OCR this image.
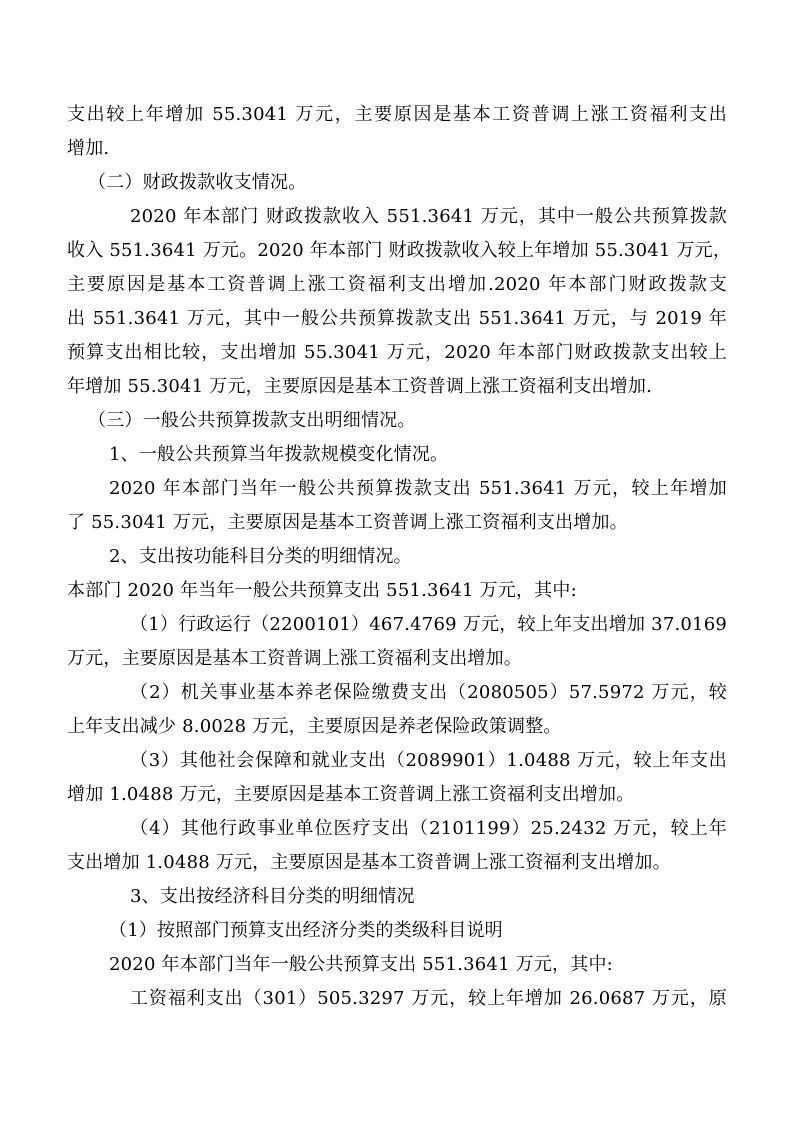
支出较上年增加 55.3041 万元，主要原因是基本工资普调上涨工资福利支出
增加.
（二）财政拨款收支情况。
2020 年本部门 财政拨款收入 551.3641 万元，其中一般公共预算拨款
收入 551.3641 万元。2020 年本部门 财政拨款收入较上年增加 55.3041 万元，
主要原因是基本工资普调上涨工资福利支出增加.2020 年本部门财政拨款支
出 551.3641 万元，其中一般公共预算拨款支出 551.3641 万元，与 2019 年
预算支出相比较，支出增加 55.3041 万元，2020 年本部门财政拨款支出较上
年增加 55.3041 万元，主要原因是基本工资普调上涨工资福利支出增加.
（三）一般公共预算拨款支出明细情况。
1、一般公共预算当年拨款规模变化情况。
2020 年本部门当年一般公共预算拨款支出 551.3641 万元，较上年增加
了 55.3041 万元，主要原因是基本工资普调上涨工资福利支出增加。
2、支出按功能科目分类的明细情况。
本部门 2020 年当年一般公共预算支出 551.3641 万元，其中:
（1）行政运行（2200101）467.4769 万元，较上年支出增加 37.0169
万元，主要原因是基本工资普调上涨工资福利支出增加。
（2）机关事业基本养老保险缴费支出（2080505）57.5972 万元，较
上年支出减少 8.0028 万元，主要原因是养老保险政策调整。
（3）其他社会保障和就业支出（2089901）1.0488 万元，较上年支出
增加 1.0488 万元，主要原因是基本工资普调上涨工资福利支出增加。
（4）其他行政事业单位医疗支出（2101199）25.2432 万元，较上年
支出增加 1.0488 万元，主要原因是基本工资普调上涨工资福利支出增加。
3、支出按经济科目分类的明细情况
（1）按照部门预算支出经济分类的类级科目说明
2020 年本部门当年一般公共预算支出 551.3641 万元，其中:
工资福利支出（301）505.3297 万元，较上年增加 26.0687 万元，原
